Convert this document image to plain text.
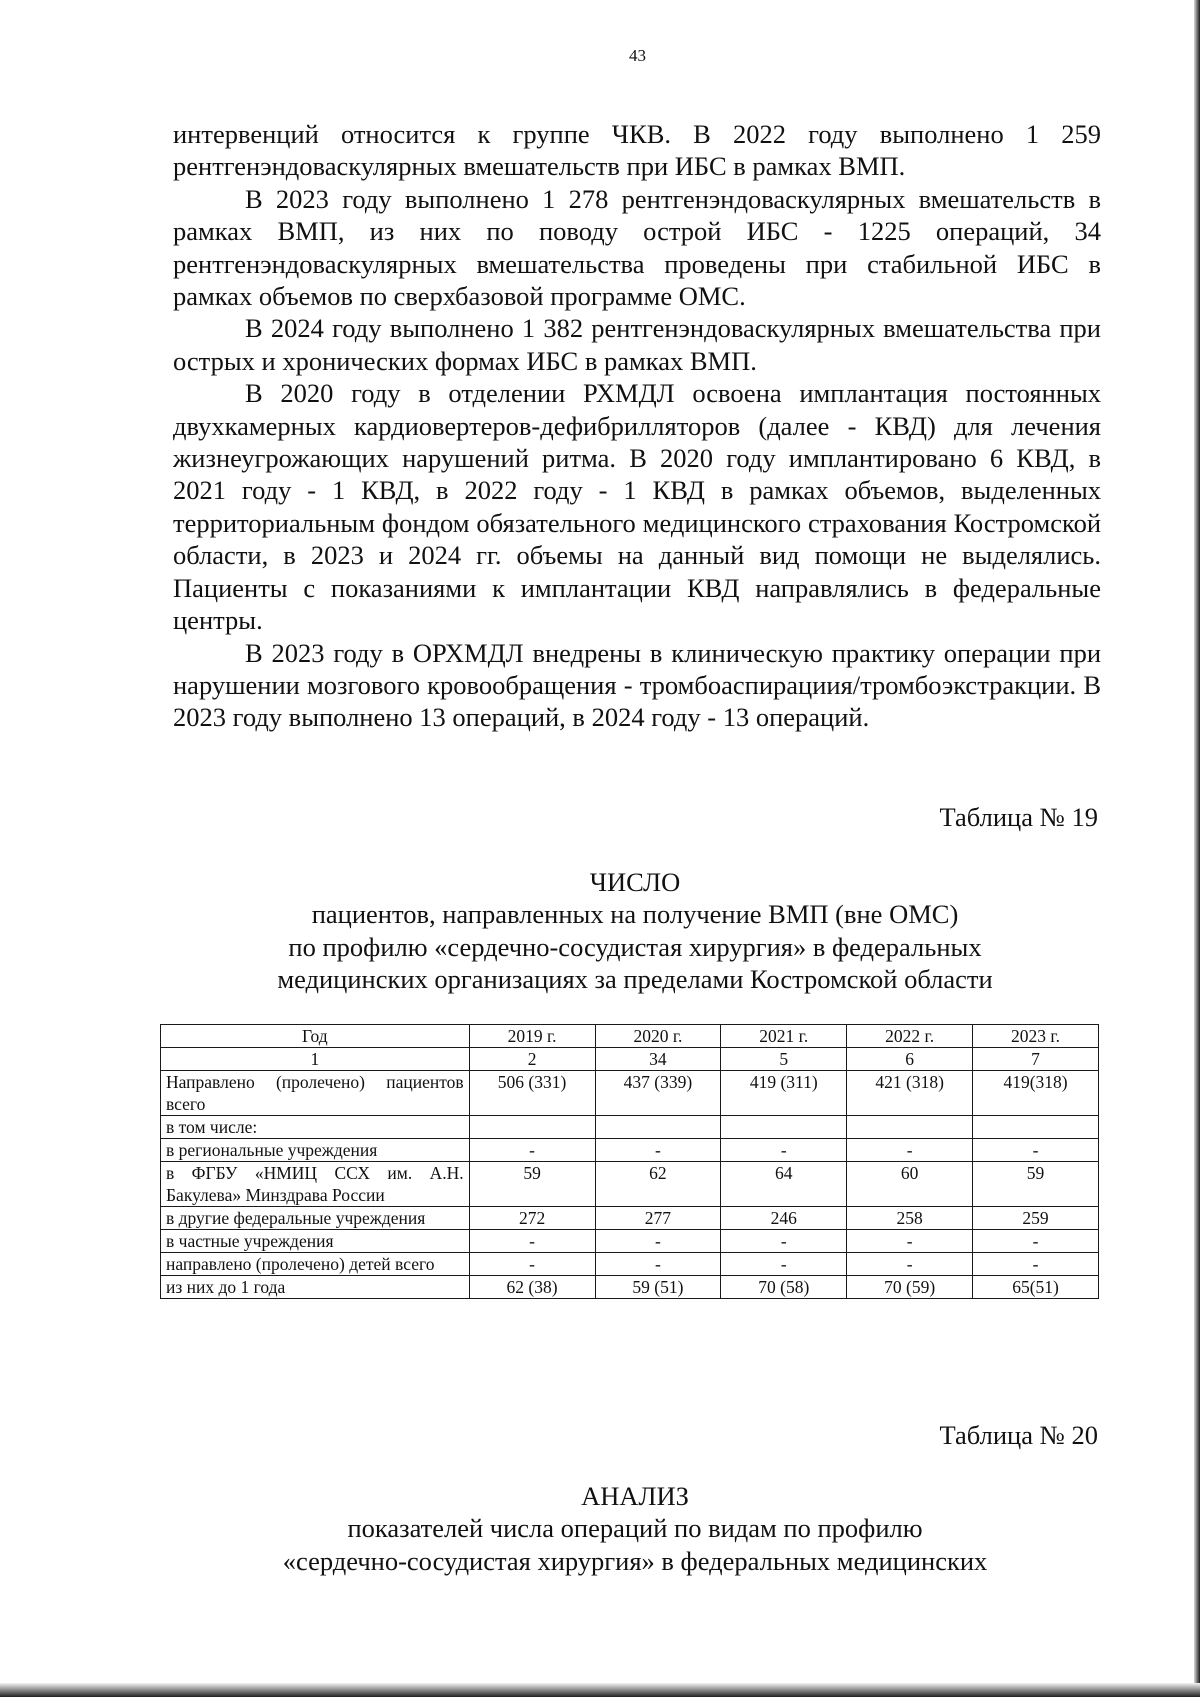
43

интервенций относится к группе ЧКВ. В 2022 году выполнено 1 259 рентгенэндоваскулярных вмешательств при ИБС в рамках ВМП.

В 2023 году выполнено 1 278 рентгенэндоваскулярных вмешательств в рамках ВМП, из них по поводу острой ИБС - 1225 операций, 34 рентгенэндоваскулярных вмешательства проведены при стабильной ИБС в рамках объемов по сверхбазовой программе ОМС.

В 2024 году выполнено 1 382 рентгенэндоваскулярных вмешательства при острых и хронических формах ИБС в рамках ВМП.

В 2020 году в отделении РХМДЛ освоена имплантация постоянных двухкамерных кардиовертеров-дефибрилляторов (далее - КВД) для лечения жизнеугрожающих нарушений ритма. В 2020 году имплантировано 6 КВД, в 2021 году - 1 КВД, в 2022 году - 1 КВД в рамках объемов, выделенных территориальным фондом обязательного медицинского страхования Костромской области, в 2023 и 2024 гг. объемы на данный вид помощи не выделялись. Пациенты с показаниями к имплантации КВД направлялись в федеральные центры.

В 2023 году в ОРХМДЛ внедрены в клиническую практику операции при нарушении мозгового кровообращения - тромбоаспирациия/тромбоэкстракции. В 2023 году выполнено 13 операций, в 2024 году - 13 операций.

Таблица № 19
ЧИСЛО
пациентов, направленных на получение ВМП (вне ОМС)
по профилю «сердечно-сосудистая хирургия» в федеральных
медицинских организациях за пределами Костромской области
Год	2019 г.	2020 г.	2021 г.	2022 г.	2023 г.
1	2	34	5	6	7
Направлено (пролечено) пациентов всего	506 (331)	437 (339)	419 (311)	421 (318)	419(318)
в том числе:					
в региональные учреждения	-	-	-	-	-
в ФГБУ «НМИЦ ССХ им. А.Н. Бакулева» Минздрава России	59	62	64	60	59
в другие федеральные учреждения	272	277	246	258	259
в частные учреждения	-	-	-	-	-
направлено (пролечено) детей всего	-	-	-	-	-
из них до 1 года	62 (38)	59 (51)	70 (58)	70 (59)	65(51)
Таблица № 20
АНАЛИЗ
показателей числа операций по видам по профилю
«сердечно-сосудистая хирургия» в федеральных медицинских
